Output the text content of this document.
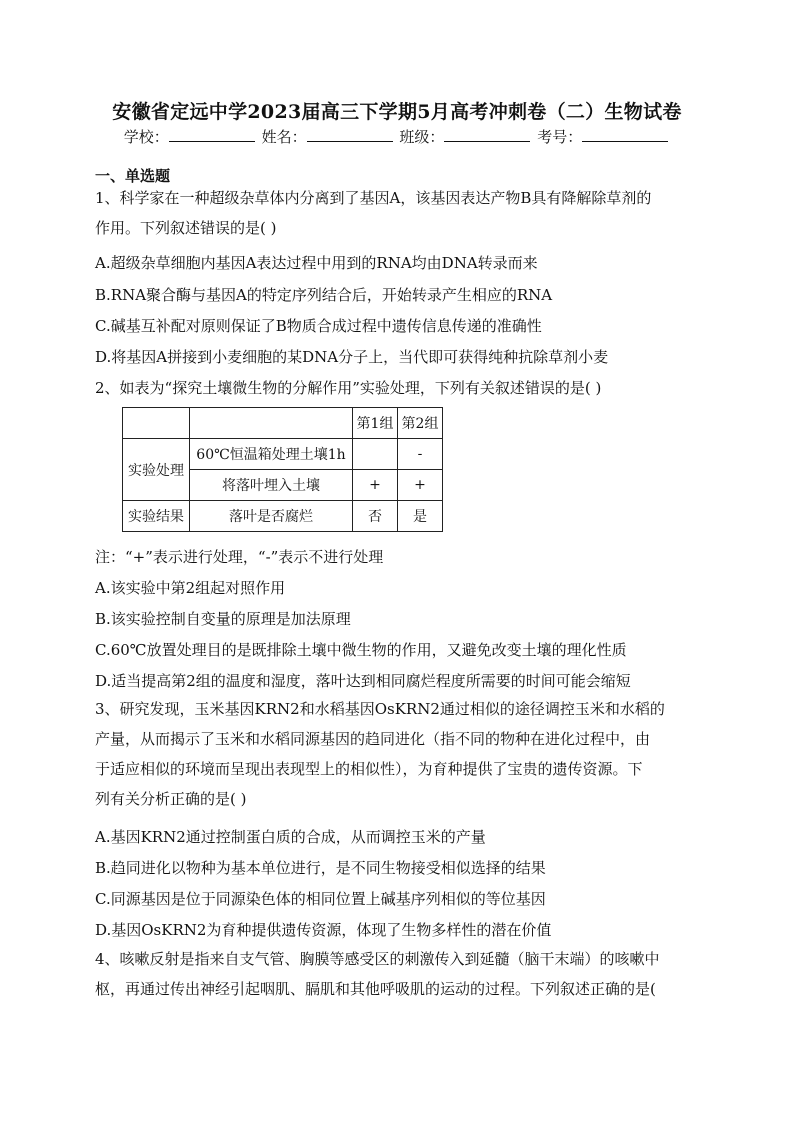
安徽省定远中学2023届高三下学期5月高考冲刺卷（二）生物试卷
学校：	姓名：	班级：	考号：
一、单选题
1、科学家在一种超级杂草体内分离到了基因A，该基因表达产物B具有降解除草剂的
作用。下列叙述错误的是( )
A.超级杂草细胞内基因A表达过程中用到的RNA均由DNA转录而来
B.RNA聚合酶与基因A的特定序列结合后，开始转录产生相应的RNA
C.碱基互补配对原则保证了B物质合成过程中遗传信息传递的准确性
D.将基因A拼接到小麦细胞的某DNA分子上，当代即可获得纯种抗除草剂小麦
2、如表为“探究土壤微生物的分解作用”实验处理，下列有关叙述错误的是( )
		第1组	第2组
实验处理	60℃恒温箱处理土壤1h		-
	将落叶埋入土壤	+	+
实验结果	落叶是否腐烂	否	是
注：“+”表示进行处理，“-”表示不进行处理
A.该实验中第2组起对照作用
B.该实验控制自变量的原理是加法原理
C.60℃放置处理目的是既排除土壤中微生物的作用，又避免改变土壤的理化性质
D.适当提高第2组的温度和湿度，落叶达到相同腐烂程度所需要的时间可能会缩短
3、研究发现，玉米基因KRN2和水稻基因OsKRN2通过相似的途径调控玉米和水稻的
产量，从而揭示了玉米和水稻同源基因的趋同进化（指不同的物种在进化过程中，由
于适应相似的环境而呈现出表现型上的相似性），为育种提供了宝贵的遗传资源。下
列有关分析正确的是( )
A.基因KRN2通过控制蛋白质的合成，从而调控玉米的产量
B.趋同进化以物种为基本单位进行，是不同生物接受相似选择的结果
C.同源基因是位于同源染色体的相同位置上碱基序列相似的等位基因
D.基因OsKRN2为育种提供遗传资源，体现了生物多样性的潜在价值
4、咳嗽反射是指来自支气管、胸膜等感受区的刺激传入到延髓（脑干末端）的咳嗽中
枢，再通过传出神经引起咽肌、膈肌和其他呼吸肌的运动的过程。下列叙述正确的是(
